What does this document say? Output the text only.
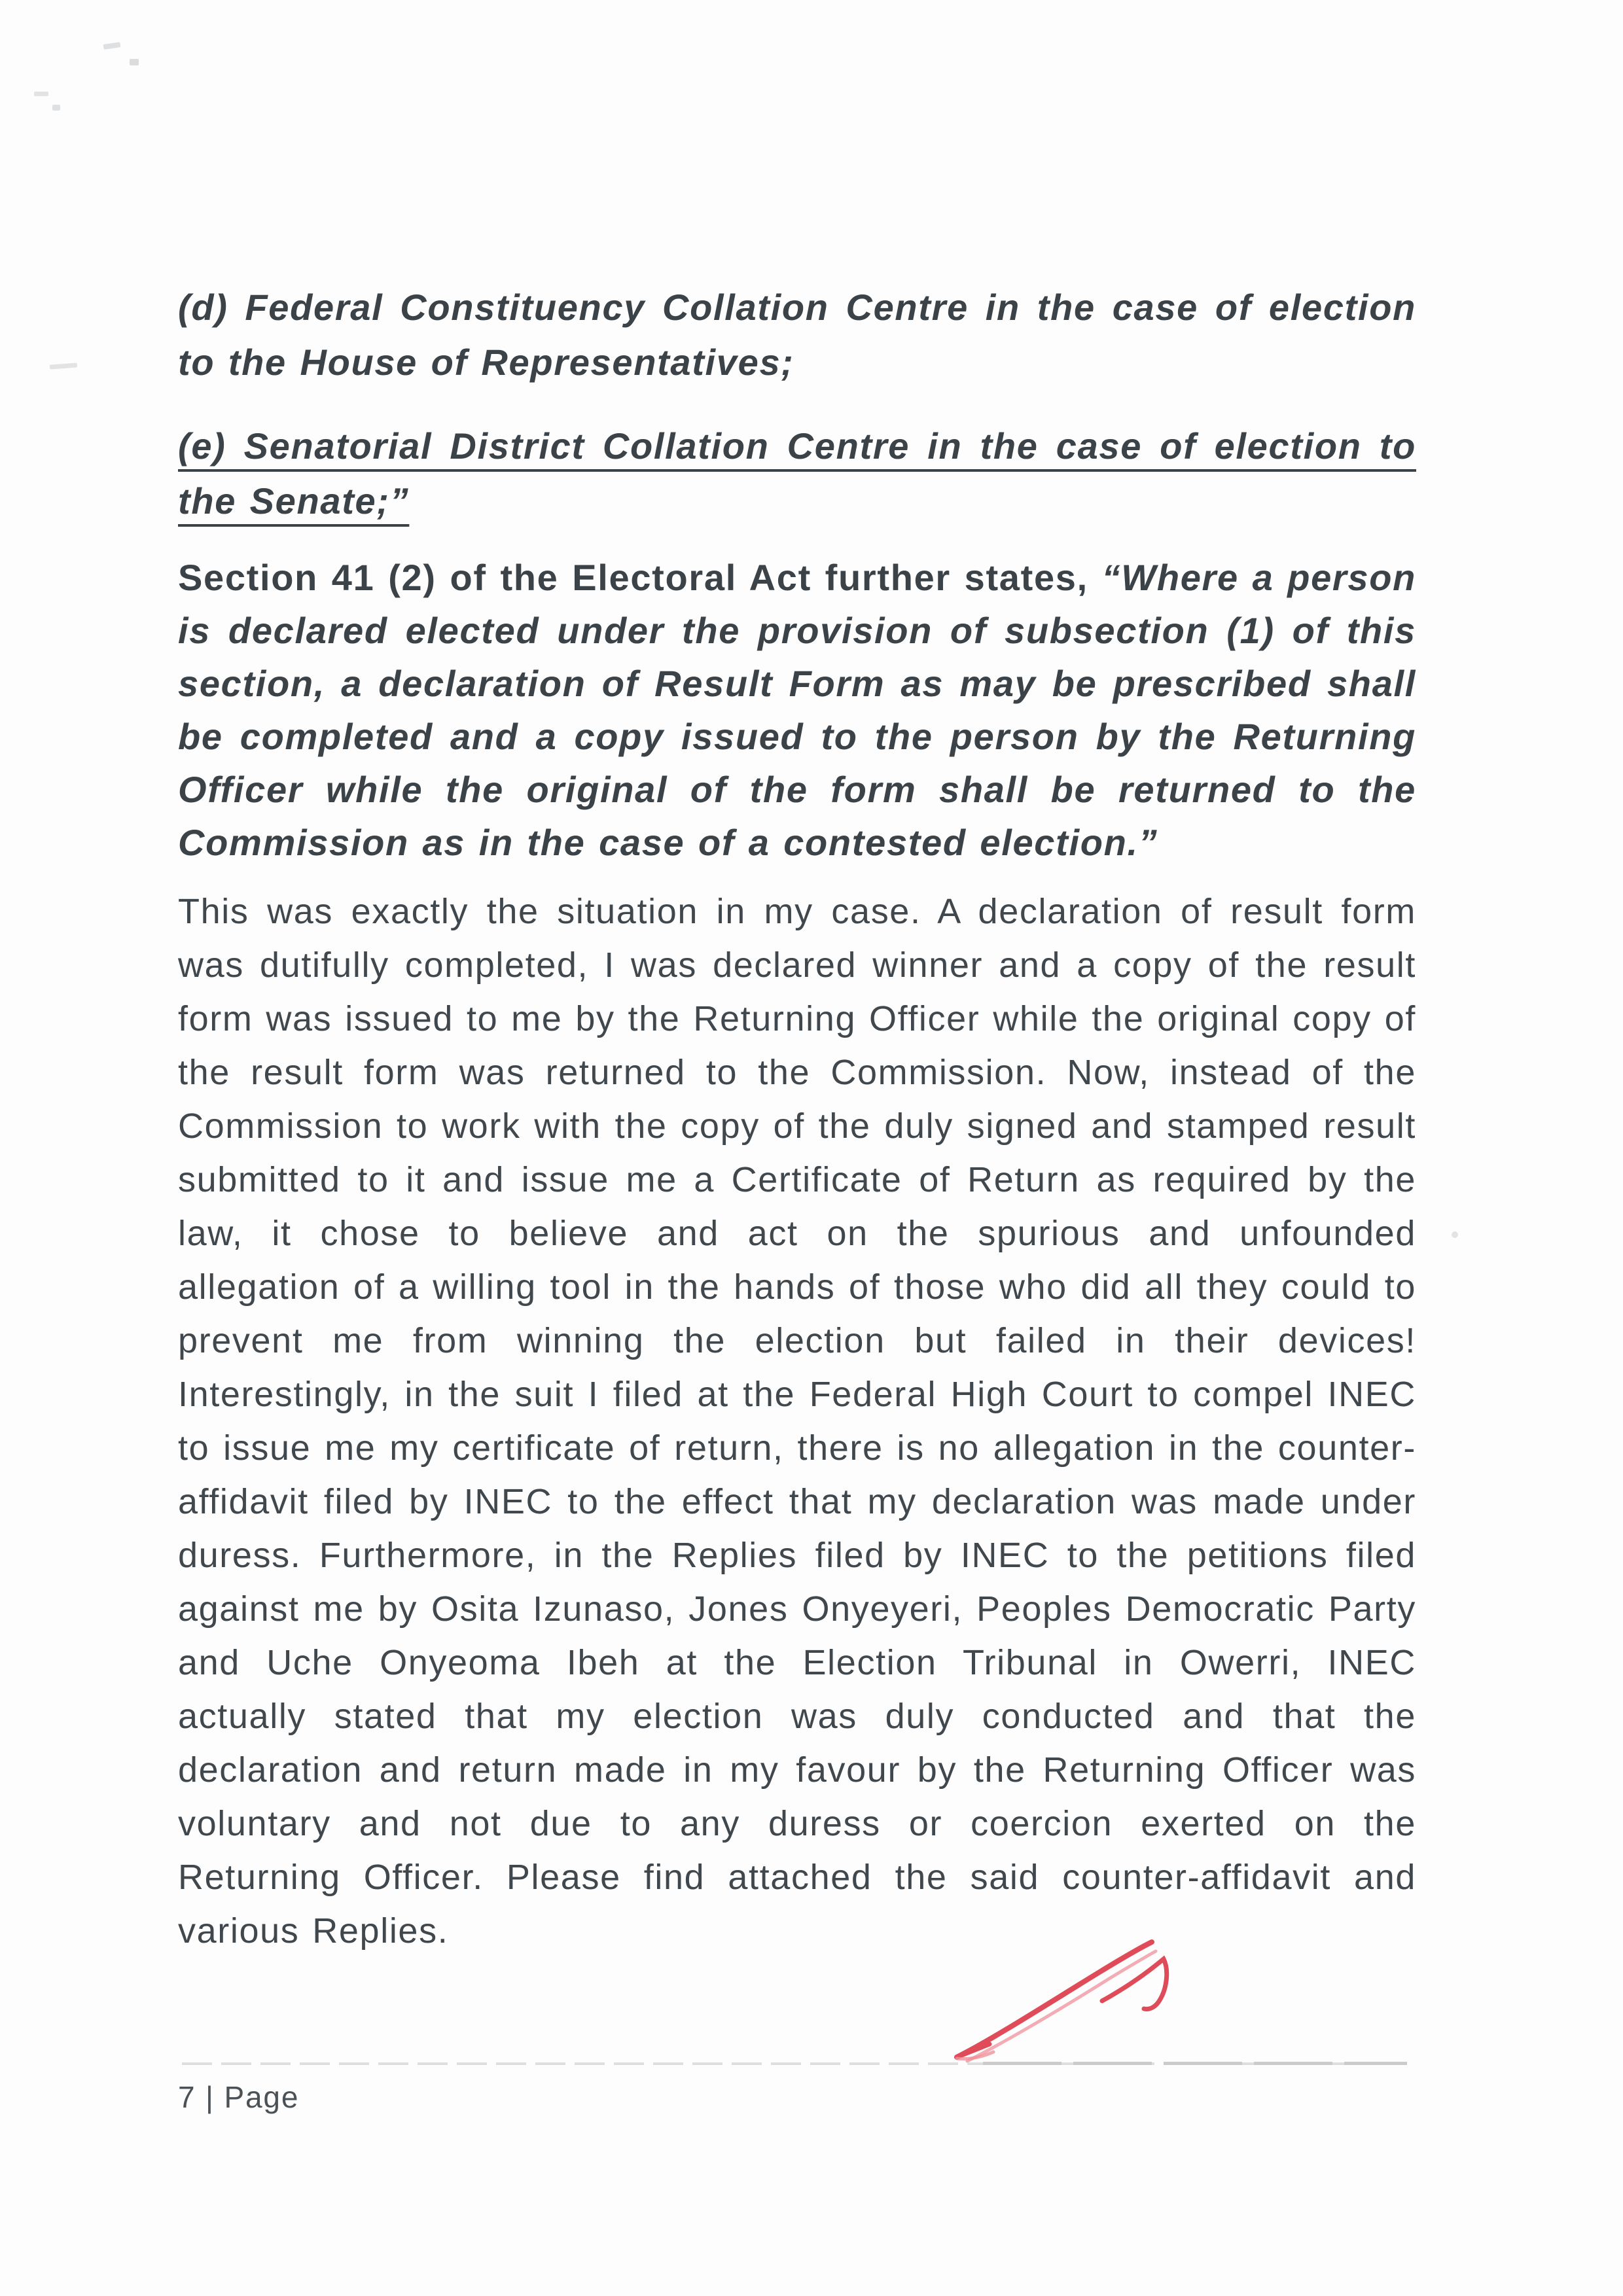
(d) Federal Constituency Collation Centre in the case of election to the House of Representatives;

(e) Senatorial District Collation Centre in the case of election to the Senate;”

Section 41 (2) of the Electoral Act further states, “Where a person is declared elected under the provision of subsection (1) of this section, a declaration of Result Form as may be prescribed shall be completed and a copy issued to the person by the Returning Officer while the original of the form shall be returned to the Commission as in the case of a contested election.”

This was exactly the situation in my case. A declaration of result form was dutifully completed, I was declared winner and a copy of the result form was issued to me by the Returning Officer while the original copy of the result form was returned to the Commission. Now, instead of the Commission to work with the copy of the duly signed and stamped result submitted to it and issue me a Certificate of Return as required by the law, it chose to believe and act on the spurious and unfounded allegation of a willing tool in the hands of those who did all they could to prevent me from winning the election but failed in their devices! Interestingly, in the suit I filed at the Federal High Court to compel INEC to issue me my certificate of return, there is no allegation in the counter-affidavit filed by INEC to the effect that my declaration was made under duress. Furthermore, in the Replies filed by INEC to the petitions filed against me by Osita Izunaso, Jones Onyeyeri, Peoples Democratic Party and Uche Onyeoma Ibeh at the Election Tribunal in Owerri, INEC actually stated that my election was duly conducted and that the declaration and return made in my favour by the Returning Officer was voluntary and not due to any duress or coercion exerted on the Returning Officer. Please find attached the said counter-affidavit and various Replies.

7 | Page
